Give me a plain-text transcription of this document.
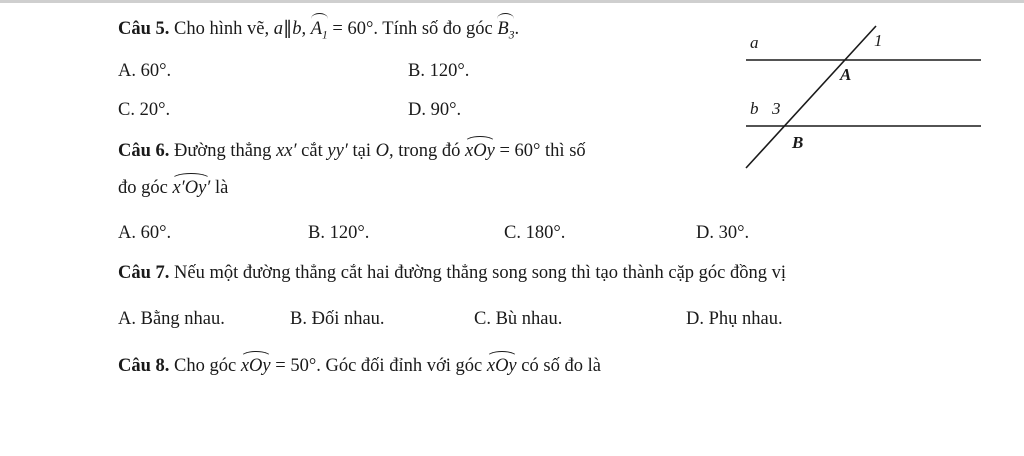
Câu 5. Cho hình vẽ, a∥b, $A_1 = 60^\circ$. Tính số đo góc $B_3$.
A. 60°.	B. 120°.
C. 20°.	D. 90°.
Câu 6. Đường thẳng xx′ cắt yy′ tại O, trong đó xOy = 60° thì số
đo góc x′Oy′ là
A. 60°.	B. 120°.	C. 180°.	D. 30°.
Câu 7. Nếu một đường thẳng cắt hai đường thẳng song song thì tạo thành cặp góc đồng vị
A. Bằng nhau.	B. Đối nhau.	C. Bù nhau.	D. Phụ nhau.
Câu 8. Cho góc xOy = 50°. Góc đối đỉnh với góc xOy có số đo là
a
b
1
3
A
B
